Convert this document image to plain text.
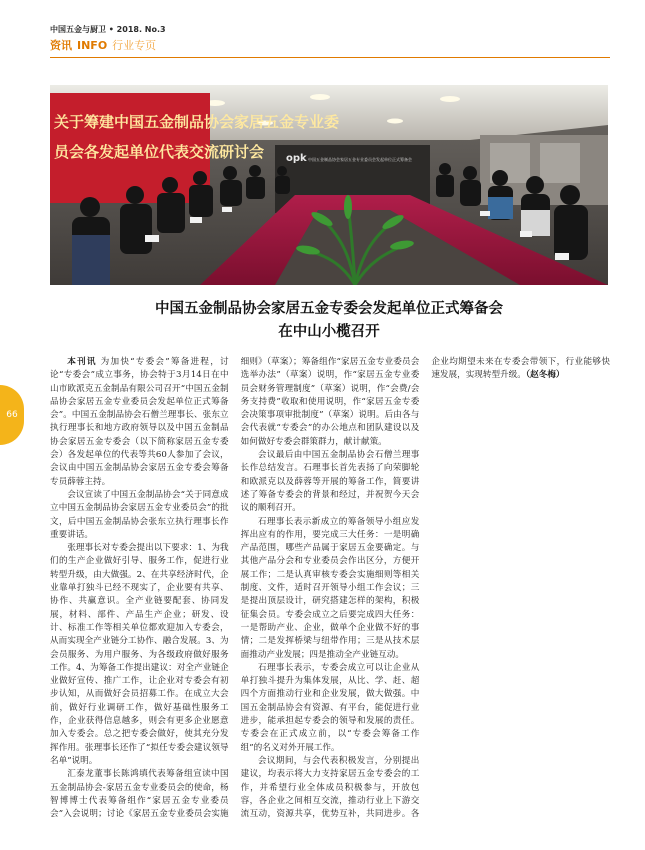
中国五金与厨卫 • 2018. No.3
资讯 INFO 行业专页
关于筹建中国五金制品协会家居五金专业委
员会各发起单位代表交流研讨会 opk 中国五金制品协会家居五金专业委员会发起单位正式筹备会
中国五金制品协会家居五金专委会发起单位正式筹备会
在中山小榄召开
66

本刊讯 为加快“专委会”筹备进程，讨论“专委会”成立事务，协会特于3月14日在中山市欧派克五金制品有限公司召开“中国五金制品协会家居五金专业委员会发起单位正式筹备会”。中国五金制品协会石僧兰理事长、张东立执行理事长和地方政府领导以及中国五金制品协会家居五金专委会（以下简称家居五金专委会）各发起单位的代表等共60人参加了会议，会议由中国五金制品协会家居五金专委会筹备专员薛蓉主持。

会议宣读了中国五金制品协会“关于同意成立中国五金制品协会家居五金专业委员会”的批文，后中国五金制品协会张东立执行理事长作重要讲话。

张理事长对专委会提出以下要求：1、为我们的生产企业做好引导、服务工作，促进行业转型升级，由大做强。2、在共享经济时代，企业靠单打独斗已经不现实了，企业要有共享、协作、共赢意识。全产业链要配套、协同发展，材料、部件、产品生产企业；研发、设计、标准工作等相关单位都欢迎加入专委会，从而实现全产业链分工协作、融合发展。3、为会员服务、为用户服务、为各级政府做好服务工作。4、为筹备工作提出建议：对全产业链企业做好宣传、推广工作，让企业对专委会有初步认知，从而做好会员招募工作。在成立大会前，做好行业调研工作，做好基础性服务工作，企业获得信息越多，则会有更多企业愿意加入专委会。总之把专委会做好，使其充分发挥作用。张理事长还作了“拟任专委会建议领导名单”说明。

汇泰龙董事长陈鸿填代表筹备组宣读中国五金制品协会-家居五金专业委员会的使命，杨智博博士代表筹备组作“家居五金专业委员会”入会说明；讨论《家居五金专业委员会实施细则》（草案）；筹备组作“家居五金专业委员会选举办法”（草案）说明，作“家居五金专业委员会财务管理制度”（草案）说明，作“会费/会务支持费”收取和使用说明，作“家居五金专委会决策事项审批制度”（草案）说明。后由各与会代表就“专委会”的办公地点和团队建设以及如何做好专委会群策群力，献计献策。

会议最后由中国五金制品协会石僧兰理事长作总结发言。石理事长首先表扬了向荣脚轮和欧派克以及薛蓉等开展的筹备工作，简要讲述了筹备专委会的背景和经过，并祝贺今天会议的顺利召开。

石理事长表示新成立的筹备领导小组应发挥出应有的作用，要完成三大任务：一是明确产品范围，哪些产品属于家居五金要确定。与其他产品分会和专业委员会作出区分，方便开展工作；二是认真审核专委会实施细则等相关制度、文件，适时召开领导小组工作会议；三是提出顶层设计，研究搭建怎样的架构，积极征集会员。专委会成立之后要完成四大任务：一是帮助产业、企业，做单个企业做不好的事情；二是发挥桥梁与纽带作用；三是从技术层面推动产业发展；四是推动全产业链互动。

石理事长表示，专委会成立可以让企业从单打独斗提升为集体发展，从比、学、赶、超四个方面推动行业和企业发展，做大做强。中国五金制品协会有资源、有平台，能促进行业进步，能承担起专委会的领导和发展的责任。专委会在正式成立前，以“专委会筹备工作组”的名义对外开展工作。

会议期间，与会代表积极发言，分别提出建议，均表示将大力支持家居五金专委会的工作，并希望行业全体成员积极参与，开放包容，各企业之间相互交流，推动行业上下游交流互动，资源共享，优势互补，共同进步。各企业均期望未来在专委会带领下，行业能够快速发展，实现转型升级。（赵冬梅）
